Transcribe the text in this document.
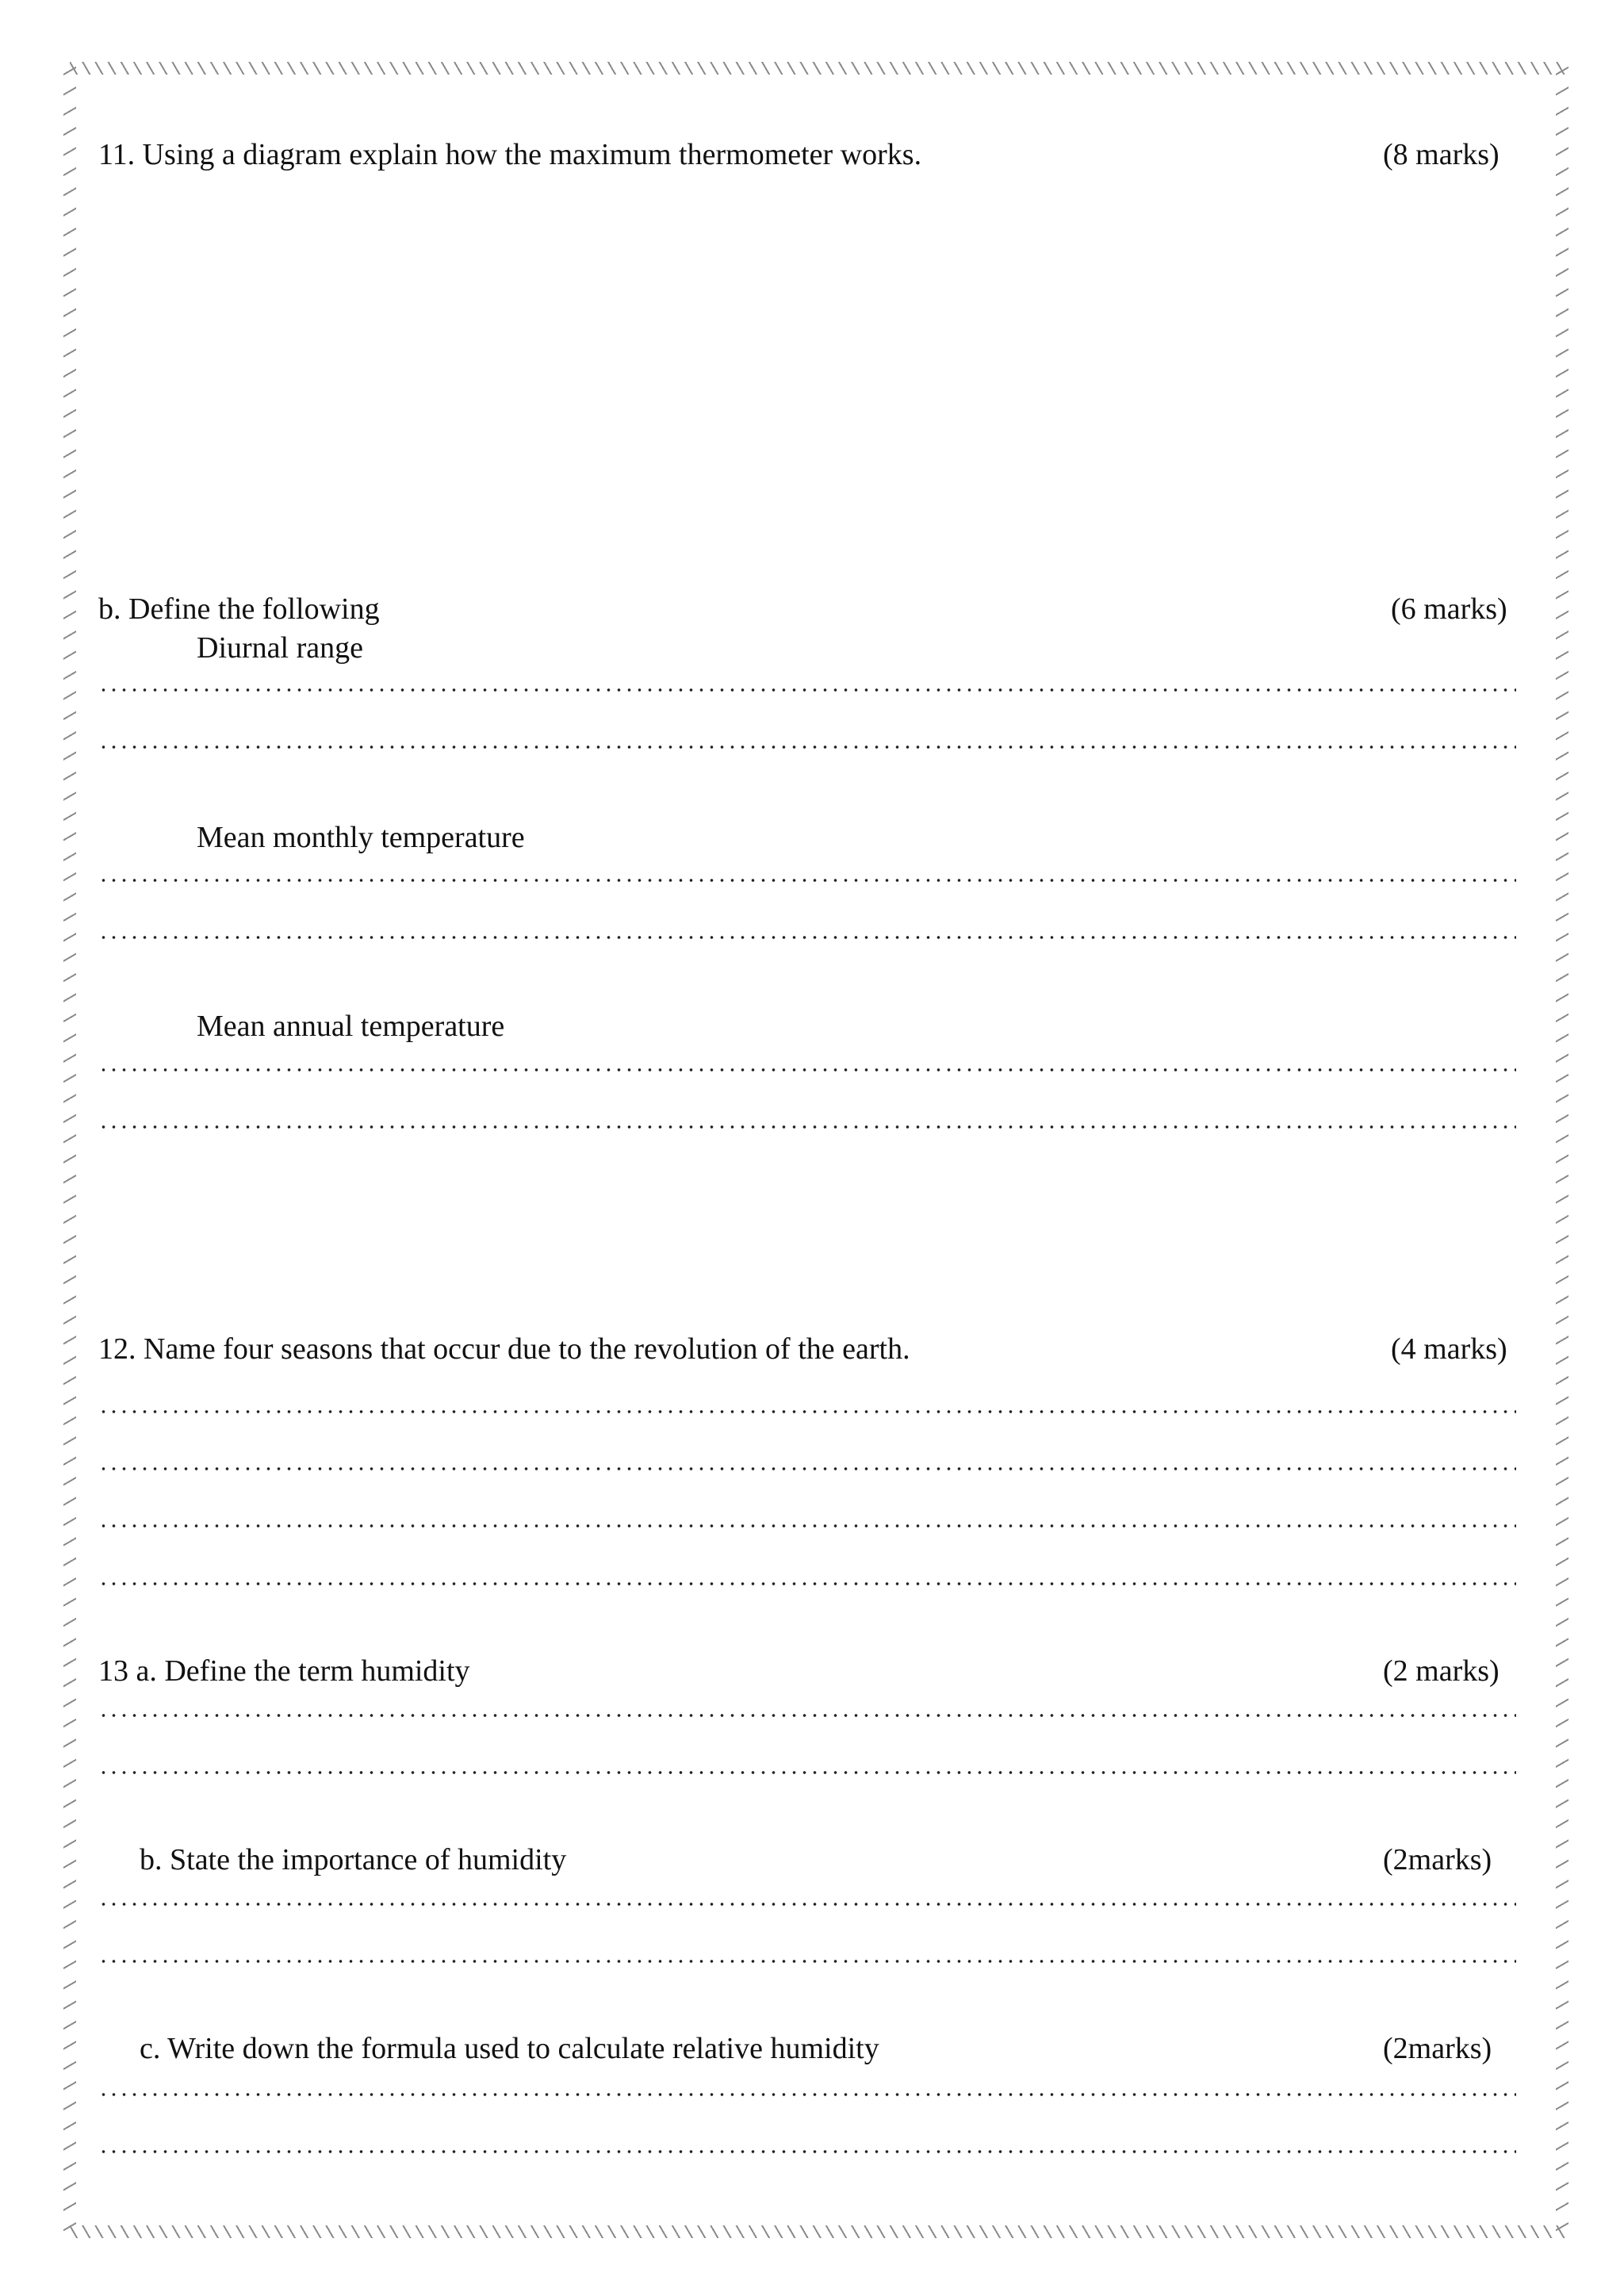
11. Using a diagram explain how the maximum thermometer works.	(8 marks)
b. Define the following	(6 marks)
Diurnal range
Mean monthly temperature
Mean annual temperature
12. Name four seasons that occur due to the revolution of the earth.	(4 marks)
13 a. Define the term humidity	(2 marks)
b. State the importance of humidity	(2marks)
c. Write down the formula used to calculate relative humidity	(2marks)
